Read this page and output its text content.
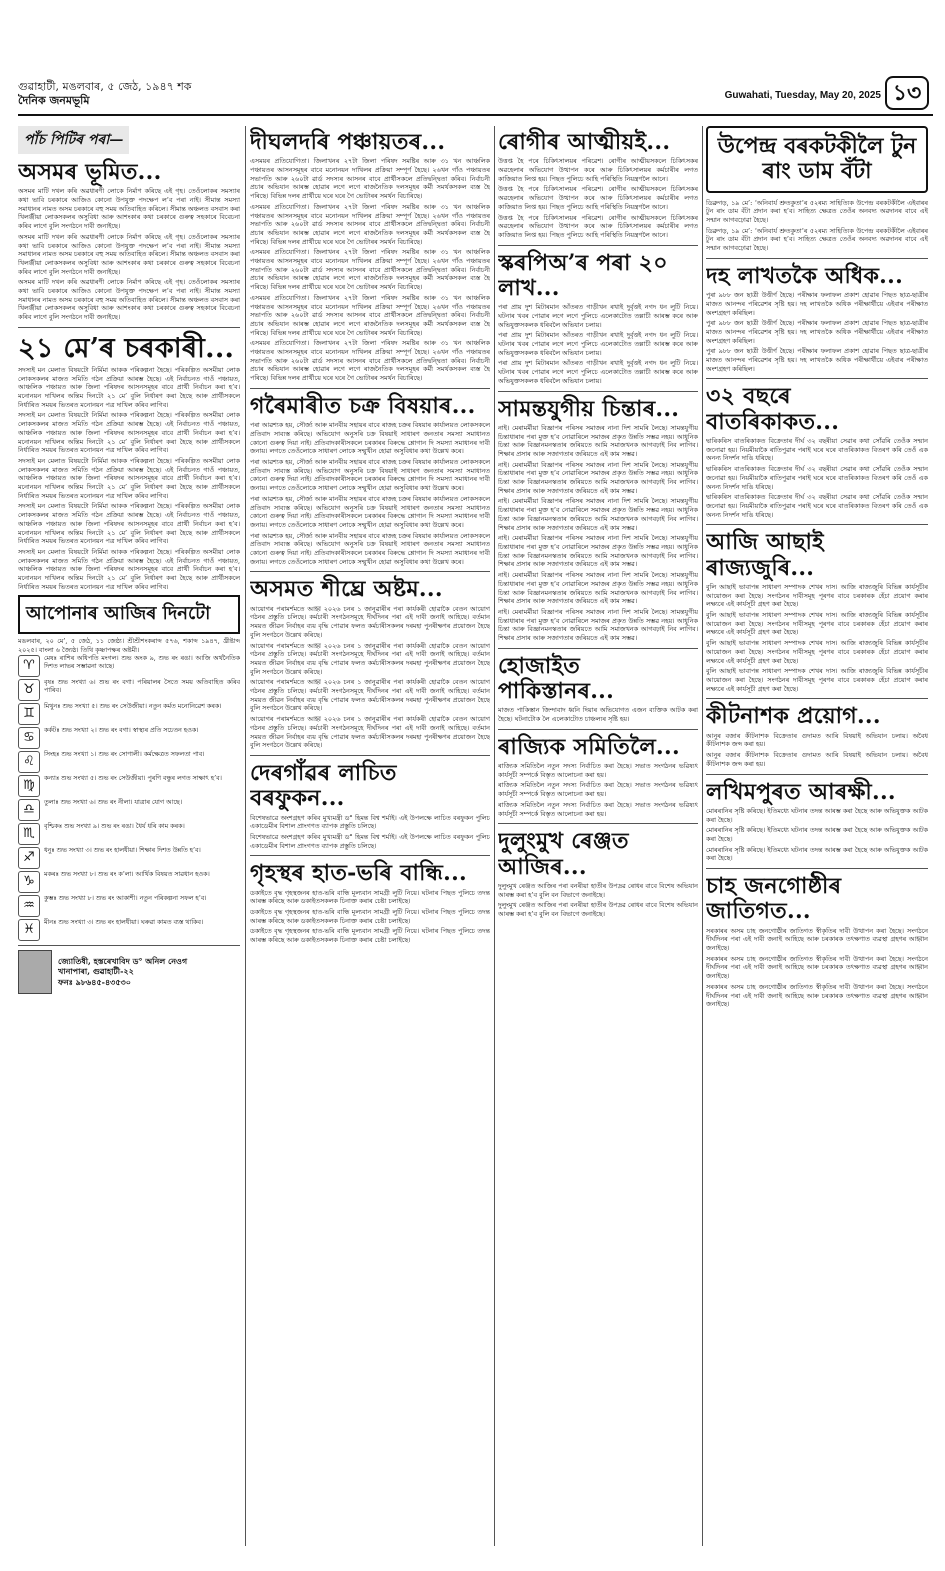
গুৱাহাটী, মঙলবাৰ, ৫ জেঠ, ১৯৪৭ শক
দৈনিক জনমভূমি	Guwahati, Tuesday, May 20, 2025 ১৩
পাঁচ পিটিৰ পৰা—
অসমৰ ভূমিত...

অসমৰ মাটি দখল কৰি অৱধাৰণী লোকে নিৰ্মাণ কৰিছে এই গৃহ। তেওঁলোকৰ সমস্যাৰ কথা ভাবি চৰকাৰে আজিও কোনো উপযুক্ত পদক্ষেপ ল’ব পৰা নাই। সীমান্ত সমস্যা সমাধানৰ নামত অসম চৰকাৰে বহু সময় অতিবাহিত কৰিলে। সীমান্ত অঞ্চলত বসবাস কৰা খিলঞ্জীয়া লোকসকলৰ অসুবিধা আৰু আশংকাৰ কথা চৰকাৰে গুৰুত্ব সহকাৰে বিবেচনা কৰিব লাগে বুলি সংগঠনে দাবী জনাইছে।

অসমৰ মাটি দখল কৰি অৱধাৰণী লোকে নিৰ্মাণ কৰিছে এই গৃহ। তেওঁলোকৰ সমস্যাৰ কথা ভাবি চৰকাৰে আজিও কোনো উপযুক্ত পদক্ষেপ ল’ব পৰা নাই। সীমান্ত সমস্যা সমাধানৰ নামত অসম চৰকাৰে বহু সময় অতিবাহিত কৰিলে। সীমান্ত অঞ্চলত বসবাস কৰা খিলঞ্জীয়া লোকসকলৰ অসুবিধা আৰু আশংকাৰ কথা চৰকাৰে গুৰুত্ব সহকাৰে বিবেচনা কৰিব লাগে বুলি সংগঠনে দাবী জনাইছে।

অসমৰ মাটি দখল কৰি অৱধাৰণী লোকে নিৰ্মাণ কৰিছে এই গৃহ। তেওঁলোকৰ সমস্যাৰ কথা ভাবি চৰকাৰে আজিও কোনো উপযুক্ত পদক্ষেপ ল’ব পৰা নাই। সীমান্ত সমস্যা সমাধানৰ নামত অসম চৰকাৰে বহু সময় অতিবাহিত কৰিলে। সীমান্ত অঞ্চলত বসবাস কৰা খিলঞ্জীয়া লোকসকলৰ অসুবিধা আৰু আশংকাৰ কথা চৰকাৰে গুৰুত্ব সহকাৰে বিবেচনা কৰিব লাগে বুলি সংগঠনে দাবী জনাইছে।

২১ মে’ৰ চৰকাৰী...

সদস্যই মন মেলাত বিষয়টো নিৰ্মিমা আকক পৰিকল্পনা হৈছে। পৰিকল্পিত অসমীয়া লোক লোকসকলৰ মাজত সমিতি গঠন প্ৰক্ৰিয়া আৰম্ভ হৈছে। এই নিৰ্বাচনত গাওঁ পঞ্চায়ত, আঞ্চলিক পঞ্চায়ত আৰু জিলা পৰিষদৰ আসনসমূহৰ বাবে প্ৰাৰ্থী নিৰ্বাচন কৰা হ’ব। মনোনয়ন দাখিলৰ অন্তিম দিনটো ২১ মে’ বুলি নিৰ্ধাৰণ কৰা হৈছে আৰু প্ৰাৰ্থীসকলে নিৰ্ধাৰিত সময়ৰ ভিতৰত মনোনয়ন পত্ৰ দাখিল কৰিব লাগিব।

সদস্যই মন মেলাত বিষয়টো নিৰ্মিমা আকক পৰিকল্পনা হৈছে। পৰিকল্পিত অসমীয়া লোক লোকসকলৰ মাজত সমিতি গঠন প্ৰক্ৰিয়া আৰম্ভ হৈছে। এই নিৰ্বাচনত গাওঁ পঞ্চায়ত, আঞ্চলিক পঞ্চায়ত আৰু জিলা পৰিষদৰ আসনসমূহৰ বাবে প্ৰাৰ্থী নিৰ্বাচন কৰা হ’ব। মনোনয়ন দাখিলৰ অন্তিম দিনটো ২১ মে’ বুলি নিৰ্ধাৰণ কৰা হৈছে আৰু প্ৰাৰ্থীসকলে নিৰ্ধাৰিত সময়ৰ ভিতৰত মনোনয়ন পত্ৰ দাখিল কৰিব লাগিব।

সদস্যই মন মেলাত বিষয়টো নিৰ্মিমা আকক পৰিকল্পনা হৈছে। পৰিকল্পিত অসমীয়া লোক লোকসকলৰ মাজত সমিতি গঠন প্ৰক্ৰিয়া আৰম্ভ হৈছে। এই নিৰ্বাচনত গাওঁ পঞ্চায়ত, আঞ্চলিক পঞ্চায়ত আৰু জিলা পৰিষদৰ আসনসমূহৰ বাবে প্ৰাৰ্থী নিৰ্বাচন কৰা হ’ব। মনোনয়ন দাখিলৰ অন্তিম দিনটো ২১ মে’ বুলি নিৰ্ধাৰণ কৰা হৈছে আৰু প্ৰাৰ্থীসকলে নিৰ্ধাৰিত সময়ৰ ভিতৰত মনোনয়ন পত্ৰ দাখিল কৰিব লাগিব।

সদস্যই মন মেলাত বিষয়টো নিৰ্মিমা আকক পৰিকল্পনা হৈছে। পৰিকল্পিত অসমীয়া লোক লোকসকলৰ মাজত সমিতি গঠন প্ৰক্ৰিয়া আৰম্ভ হৈছে। এই নিৰ্বাচনত গাওঁ পঞ্চায়ত, আঞ্চলিক পঞ্চায়ত আৰু জিলা পৰিষদৰ আসনসমূহৰ বাবে প্ৰাৰ্থী নিৰ্বাচন কৰা হ’ব। মনোনয়ন দাখিলৰ অন্তিম দিনটো ২১ মে’ বুলি নিৰ্ধাৰণ কৰা হৈছে আৰু প্ৰাৰ্থীসকলে নিৰ্ধাৰিত সময়ৰ ভিতৰত মনোনয়ন পত্ৰ দাখিল কৰিব লাগিব।

সদস্যই মন মেলাত বিষয়টো নিৰ্মিমা আকক পৰিকল্পনা হৈছে। পৰিকল্পিত অসমীয়া লোক লোকসকলৰ মাজত সমিতি গঠন প্ৰক্ৰিয়া আৰম্ভ হৈছে। এই নিৰ্বাচনত গাওঁ পঞ্চায়ত, আঞ্চলিক পঞ্চায়ত আৰু জিলা পৰিষদৰ আসনসমূহৰ বাবে প্ৰাৰ্থী নিৰ্বাচন কৰা হ’ব। মনোনয়ন দাখিলৰ অন্তিম দিনটো ২১ মে’ বুলি নিৰ্ধাৰণ কৰা হৈছে আৰু প্ৰাৰ্থীসকলে নিৰ্ধাৰিত সময়ৰ ভিতৰত মনোনয়ন পত্ৰ দাখিল কৰিব লাগিব।

আপোনাৰ আজিৰ দিনটো
মঙলবাৰ, ২০ মে’, ৫ জেঠ, ১১ জেষ্ঠ্য। শ্ৰীশ্ৰীশংকৰাব্দ ৫৭৬, শকাব্দ ১৯৪৭, খ্ৰীষ্টাব্দ ২০২৫। বাংলা ৬ জ্যৈষ্ঠ। তিথি কৃষ্ণাপক্ষৰ অষ্টমী।
♈	মেষঃ ৰাশিৰ অধিপতি মংগল। শুভ অংক ৯, শুভ ৰং ৰঙা। আজি অৰ্থনৈতিক দিশত লাভৰ সম্ভাৱনা আছে।
♉	বৃষঃ শুভ সংখ্যা ৬। শুভ ৰং বগা। পৰিয়ালৰ সৈতে সময় অতিবাহিত কৰিব পাৰিব।
♊	মিথুনঃ শুভ সংখ্যা ৫। শুভ ৰং সেউজীয়া। নতুন কৰ্মত মনোনিৱেশ কৰক।
♋	কৰ্কটঃ শুভ সংখ্যা ২। শুভ ৰং বগা। স্বাস্থ্যৰ প্ৰতি সচেতন হওক।
♌	সিংহঃ শুভ সংখ্যা ১। শুভ ৰং সোণালী। কৰ্মক্ষেত্ৰত সফলতা পাব।
♍	কন্যাঃ শুভ সংখ্যা ৫। শুভ ৰং সেউজীয়া। পুৰণি বন্ধুৰ লগত সাক্ষাৎ হ’ব।
♎	তুলাঃ শুভ সংখ্যা ৬। শুভ ৰং নীলা। যাত্ৰাৰ যোগ আছে।
♏	বৃশ্চিকঃ শুভ সংখ্যা ৯। শুভ ৰং ৰঙা। ধৈৰ্য ধৰি কাম কৰক।
♐	ধনুঃ শুভ সংখ্যা ৩। শুভ ৰং হালধীয়া। শিক্ষাৰ দিশত উন্নতি হ’ব।
♑	মকৰঃ শুভ সংখ্যা ৮। শুভ ৰং ক’লা। আৰ্থিক বিষয়ত সাৱধান হওক।
♒	কুম্ভঃ শুভ সংখ্যা ৮। শুভ ৰং আকাশী। নতুন পৰিকল্পনা সফল হ’ব।
♓	মীনঃ শুভ সংখ্যা ৩। শুভ ৰং হালধীয়া। ঘৰুৱা কামত ব্যস্ত থাকিব।
জ্যোতিষী, হস্তৰেখাবিদ ড° অনিল নেওগ
খানাপাৰা, গুৱাহাটী-২২
ফনঃ ৯৮৬৪৫-৪৩৫৩০
দীঘলদৰি পঞ্চায়তৰ...

এসময়ৰ প্ৰতিযোগিতা। জিলাখনৰ ২৭টা জিলা পৰিষদ সমষ্টিৰ আৰু ৩১ খন আঞ্চলিক পঞ্চায়তৰ আসনসমূহৰ বাবে মনোনয়ন দাখিলৰ প্ৰক্ৰিয়া সম্পূৰ্ণ হৈছে। ২৬খন গাঁও পঞ্চায়তৰ সভাপতি আৰু ২৬০টা ৱাৰ্ড সদস্যৰ আসনৰ বাবে প্ৰাৰ্থীসকলে প্ৰতিদ্বন্দ্বিতা কৰিব। নিৰ্বাচনী প্ৰচাৰ অভিযান আৰম্ভ হোৱাৰ লগে লগে ৰাজনৈতিক দলসমূহৰ কৰ্মী সমৰ্থকসকল ব্যস্ত হৈ পৰিছে। বিভিন্ন দলৰ প্ৰাৰ্থীয়ে ঘৰে ঘৰে গৈ ভোটাৰৰ সমৰ্থন বিচাৰিছে।

এসময়ৰ প্ৰতিযোগিতা। জিলাখনৰ ২৭টা জিলা পৰিষদ সমষ্টিৰ আৰু ৩১ খন আঞ্চলিক পঞ্চায়তৰ আসনসমূহৰ বাবে মনোনয়ন দাখিলৰ প্ৰক্ৰিয়া সম্পূৰ্ণ হৈছে। ২৬খন গাঁও পঞ্চায়তৰ সভাপতি আৰু ২৬০টা ৱাৰ্ড সদস্যৰ আসনৰ বাবে প্ৰাৰ্থীসকলে প্ৰতিদ্বন্দ্বিতা কৰিব। নিৰ্বাচনী প্ৰচাৰ অভিযান আৰম্ভ হোৱাৰ লগে লগে ৰাজনৈতিক দলসমূহৰ কৰ্মী সমৰ্থকসকল ব্যস্ত হৈ পৰিছে। বিভিন্ন দলৰ প্ৰাৰ্থীয়ে ঘৰে ঘৰে গৈ ভোটাৰৰ সমৰ্থন বিচাৰিছে।

এসময়ৰ প্ৰতিযোগিতা। জিলাখনৰ ২৭টা জিলা পৰিষদ সমষ্টিৰ আৰু ৩১ খন আঞ্চলিক পঞ্চায়তৰ আসনসমূহৰ বাবে মনোনয়ন দাখিলৰ প্ৰক্ৰিয়া সম্পূৰ্ণ হৈছে। ২৬খন গাঁও পঞ্চায়তৰ সভাপতি আৰু ২৬০টা ৱাৰ্ড সদস্যৰ আসনৰ বাবে প্ৰাৰ্থীসকলে প্ৰতিদ্বন্দ্বিতা কৰিব। নিৰ্বাচনী প্ৰচাৰ অভিযান আৰম্ভ হোৱাৰ লগে লগে ৰাজনৈতিক দলসমূহৰ কৰ্মী সমৰ্থকসকল ব্যস্ত হৈ পৰিছে। বিভিন্ন দলৰ প্ৰাৰ্থীয়ে ঘৰে ঘৰে গৈ ভোটাৰৰ সমৰ্থন বিচাৰিছে।

এসময়ৰ প্ৰতিযোগিতা। জিলাখনৰ ২৭টা জিলা পৰিষদ সমষ্টিৰ আৰু ৩১ খন আঞ্চলিক পঞ্চায়তৰ আসনসমূহৰ বাবে মনোনয়ন দাখিলৰ প্ৰক্ৰিয়া সম্পূৰ্ণ হৈছে। ২৬খন গাঁও পঞ্চায়তৰ সভাপতি আৰু ২৬০টা ৱাৰ্ড সদস্যৰ আসনৰ বাবে প্ৰাৰ্থীসকলে প্ৰতিদ্বন্দ্বিতা কৰিব। নিৰ্বাচনী প্ৰচাৰ অভিযান আৰম্ভ হোৱাৰ লগে লগে ৰাজনৈতিক দলসমূহৰ কৰ্মী সমৰ্থকসকল ব্যস্ত হৈ পৰিছে। বিভিন্ন দলৰ প্ৰাৰ্থীয়ে ঘৰে ঘৰে গৈ ভোটাৰৰ সমৰ্থন বিচাৰিছে।

এসময়ৰ প্ৰতিযোগিতা। জিলাখনৰ ২৭টা জিলা পৰিষদ সমষ্টিৰ আৰু ৩১ খন আঞ্চলিক পঞ্চায়তৰ আসনসমূহৰ বাবে মনোনয়ন দাখিলৰ প্ৰক্ৰিয়া সম্পূৰ্ণ হৈছে। ২৬খন গাঁও পঞ্চায়তৰ সভাপতি আৰু ২৬০টা ৱাৰ্ড সদস্যৰ আসনৰ বাবে প্ৰাৰ্থীসকলে প্ৰতিদ্বন্দ্বিতা কৰিব। নিৰ্বাচনী প্ৰচাৰ অভিযান আৰম্ভ হোৱাৰ লগে লগে ৰাজনৈতিক দলসমূহৰ কৰ্মী সমৰ্থকসকল ব্যস্ত হৈ পৰিছে। বিভিন্ন দলৰ প্ৰাৰ্থীয়ে ঘৰে ঘৰে গৈ ভোটাৰৰ সমৰ্থন বিচাৰিছে।

গৰৈমাৰীত চক্ৰ বিষয়াৰ...

পৰা আৱশ্যক হয়, সৌৰ্জ্য আৰু মানবীয় সহায়ৰ বাবে ৰাজহ চক্ৰৰ বিষয়াৰ কাৰ্যালয়ত লোকসকলে প্ৰতিবাদ সাব্যস্ত কৰিছে। অভিযোগ অনুসৰি চক্ৰ বিষয়াই সাধাৰণ জনতাৰ সমস্যা সমাধানত কোনো গুৰুত্ব দিয়া নাই। প্ৰতিবাদকাৰীসকলে চৰকাৰৰ বিৰুদ্ধে শ্লোগান দি সমস্যা সমাধানৰ দাবী জনায়। লগতে তেওঁলোকে সাধাৰণ লোকে সন্মুখীন হোৱা অসুবিধাৰ কথা উল্লেখ কৰে।

পৰা আৱশ্যক হয়, সৌৰ্জ্য আৰু মানবীয় সহায়ৰ বাবে ৰাজহ চক্ৰৰ বিষয়াৰ কাৰ্যালয়ত লোকসকলে প্ৰতিবাদ সাব্যস্ত কৰিছে। অভিযোগ অনুসৰি চক্ৰ বিষয়াই সাধাৰণ জনতাৰ সমস্যা সমাধানত কোনো গুৰুত্ব দিয়া নাই। প্ৰতিবাদকাৰীসকলে চৰকাৰৰ বিৰুদ্ধে শ্লোগান দি সমস্যা সমাধানৰ দাবী জনায়। লগতে তেওঁলোকে সাধাৰণ লোকে সন্মুখীন হোৱা অসুবিধাৰ কথা উল্লেখ কৰে।

পৰা আৱশ্যক হয়, সৌৰ্জ্য আৰু মানবীয় সহায়ৰ বাবে ৰাজহ চক্ৰৰ বিষয়াৰ কাৰ্যালয়ত লোকসকলে প্ৰতিবাদ সাব্যস্ত কৰিছে। অভিযোগ অনুসৰি চক্ৰ বিষয়াই সাধাৰণ জনতাৰ সমস্যা সমাধানত কোনো গুৰুত্ব দিয়া নাই। প্ৰতিবাদকাৰীসকলে চৰকাৰৰ বিৰুদ্ধে শ্লোগান দি সমস্যা সমাধানৰ দাবী জনায়। লগতে তেওঁলোকে সাধাৰণ লোকে সন্মুখীন হোৱা অসুবিধাৰ কথা উল্লেখ কৰে।

পৰা আৱশ্যক হয়, সৌৰ্জ্য আৰু মানবীয় সহায়ৰ বাবে ৰাজহ চক্ৰৰ বিষয়াৰ কাৰ্যালয়ত লোকসকলে প্ৰতিবাদ সাব্যস্ত কৰিছে। অভিযোগ অনুসৰি চক্ৰ বিষয়াই সাধাৰণ জনতাৰ সমস্যা সমাধানত কোনো গুৰুত্ব দিয়া নাই। প্ৰতিবাদকাৰীসকলে চৰকাৰৰ বিৰুদ্ধে শ্লোগান দি সমস্যা সমাধানৰ দাবী জনায়। লগতে তেওঁলোকে সাধাৰণ লোকে সন্মুখীন হোৱা অসুবিধাৰ কথা উল্লেখ কৰে।

অসমত শীঘ্ৰে অষ্টম...

আয়োগৰ পৰামৰ্শমতে আহ্ব ২০২৬ চনৰ ১ জানুৱাৰীৰ পৰা কাৰ্যকৰী হোৱাকৈ বেতন আয়োগ গঠনৰ প্ৰস্তুতি চলিছে। কৰ্মচাৰী সংগঠনসমূহে দীৰ্ঘদিনৰ পৰা এই দাবী জনাই আহিছে। বৰ্তমান সময়ত জীৱন নিৰ্বাহৰ ব্যয় বৃদ্ধি পোৱাৰ ফলত কৰ্মচাৰীসকলৰ দৰমহা পুনৰীক্ষণৰ প্ৰয়োজন হৈছে বুলি সংগঠনে উল্লেখ কৰিছে।

আয়োগৰ পৰামৰ্শমতে আহ্ব ২০২৬ চনৰ ১ জানুৱাৰীৰ পৰা কাৰ্যকৰী হোৱাকৈ বেতন আয়োগ গঠনৰ প্ৰস্তুতি চলিছে। কৰ্মচাৰী সংগঠনসমূহে দীৰ্ঘদিনৰ পৰা এই দাবী জনাই আহিছে। বৰ্তমান সময়ত জীৱন নিৰ্বাহৰ ব্যয় বৃদ্ধি পোৱাৰ ফলত কৰ্মচাৰীসকলৰ দৰমহা পুনৰীক্ষণৰ প্ৰয়োজন হৈছে বুলি সংগঠনে উল্লেখ কৰিছে।

আয়োগৰ পৰামৰ্শমতে আহ্ব ২০২৬ চনৰ ১ জানুৱাৰীৰ পৰা কাৰ্যকৰী হোৱাকৈ বেতন আয়োগ গঠনৰ প্ৰস্তুতি চলিছে। কৰ্মচাৰী সংগঠনসমূহে দীৰ্ঘদিনৰ পৰা এই দাবী জনাই আহিছে। বৰ্তমান সময়ত জীৱন নিৰ্বাহৰ ব্যয় বৃদ্ধি পোৱাৰ ফলত কৰ্মচাৰীসকলৰ দৰমহা পুনৰীক্ষণৰ প্ৰয়োজন হৈছে বুলি সংগঠনে উল্লেখ কৰিছে।

আয়োগৰ পৰামৰ্শমতে আহ্ব ২০২৬ চনৰ ১ জানুৱাৰীৰ পৰা কাৰ্যকৰী হোৱাকৈ বেতন আয়োগ গঠনৰ প্ৰস্তুতি চলিছে। কৰ্মচাৰী সংগঠনসমূহে দীৰ্ঘদিনৰ পৰা এই দাবী জনাই আহিছে। বৰ্তমান সময়ত জীৱন নিৰ্বাহৰ ব্যয় বৃদ্ধি পোৱাৰ ফলত কৰ্মচাৰীসকলৰ দৰমহা পুনৰীক্ষণৰ প্ৰয়োজন হৈছে বুলি সংগঠনে উল্লেখ কৰিছে।

দেৰগাঁৱৰ লাচিত বৰফুকন...

বিশেষভাৱে অংশগ্ৰহণ কৰিব মুখ্যমন্ত্ৰী ড° হিমন্ত বিশ্ব শৰ্মাই। এই উপলক্ষে লাচিত বৰফুকন পুলিচ একাডেমীৰ বিশাল প্ৰাংগণত ব্যাপক প্ৰস্তুতি চলিছে।

বিশেষভাৱে অংশগ্ৰহণ কৰিব মুখ্যমন্ত্ৰী ড° হিমন্ত বিশ্ব শৰ্মাই। এই উপলক্ষে লাচিত বৰফুকন পুলিচ একাডেমীৰ বিশাল প্ৰাংগণত ব্যাপক প্ৰস্তুতি চলিছে।

গৃহস্থৰ হাত-ভৰি বান্ধি...

ডকাইতে বৃদ্ধ গৃহস্থজনৰ হাত-ভৰি বান্ধি মূল্যবান সামগ্ৰী লুটি নিয়ে। ঘটনাৰ পিছত পুলিচে তদন্ত আৰম্ভ কৰিছে আৰু ডকাইতসকলক চিনাক্ত কৰাৰ চেষ্টা চলাইছে।

ডকাইতে বৃদ্ধ গৃহস্থজনৰ হাত-ভৰি বান্ধি মূল্যবান সামগ্ৰী লুটি নিয়ে। ঘটনাৰ পিছত পুলিচে তদন্ত আৰম্ভ কৰিছে আৰু ডকাইতসকলক চিনাক্ত কৰাৰ চেষ্টা চলাইছে।

ডকাইতে বৃদ্ধ গৃহস্থজনৰ হাত-ভৰি বান্ধি মূল্যবান সামগ্ৰী লুটি নিয়ে। ঘটনাৰ পিছত পুলিচে তদন্ত আৰম্ভ কৰিছে আৰু ডকাইতসকলক চিনাক্ত কৰাৰ চেষ্টা চলাইছে।

ৰোগীৰ আত্মীয়ই...

উত্তপ্ত হৈ পৰে চিকিৎসালয়ৰ পৰিৱেশ। ৰোগীৰ আত্মীয়সকলে চিকিৎসকৰ অৱহেলাৰ অভিযোগ উত্থাপন কৰে আৰু চিকিৎসালয়ৰ কৰ্মচাৰীৰ লগত কাজিয়াত লিপ্ত হয়। পিছত পুলিচে আহি পৰিস্থিতি নিয়ন্ত্ৰণলৈ আনে।

উত্তপ্ত হৈ পৰে চিকিৎসালয়ৰ পৰিৱেশ। ৰোগীৰ আত্মীয়সকলে চিকিৎসকৰ অৱহেলাৰ অভিযোগ উত্থাপন কৰে আৰু চিকিৎসালয়ৰ কৰ্মচাৰীৰ লগত কাজিয়াত লিপ্ত হয়। পিছত পুলিচে আহি পৰিস্থিতি নিয়ন্ত্ৰণলৈ আনে।

উত্তপ্ত হৈ পৰে চিকিৎসালয়ৰ পৰিৱেশ। ৰোগীৰ আত্মীয়সকলে চিকিৎসকৰ অৱহেলাৰ অভিযোগ উত্থাপন কৰে আৰু চিকিৎসালয়ৰ কৰ্মচাৰীৰ লগত কাজিয়াত লিপ্ত হয়। পিছত পুলিচে আহি পৰিস্থিতি নিয়ন্ত্ৰণলৈ আনে।

স্কৰপিঅ’ৰ পৰা ২০ লাখ...

পৰা প্ৰায় দুশ মিটাৰমান আঁতৰত গাড়ীখন ৰখাই দুৰ্বৃত্তই নগদ ধন লুটি নিয়ে। ঘটনাৰ খবৰ পোৱাৰ লগে লগে পুলিচে এলেকাটোত তল্লাচী আৰম্ভ কৰে আৰু অভিযুক্তসকলক ধৰিবলৈ অভিযান চলায়।

পৰা প্ৰায় দুশ মিটাৰমান আঁতৰত গাড়ীখন ৰখাই দুৰ্বৃত্তই নগদ ধন লুটি নিয়ে। ঘটনাৰ খবৰ পোৱাৰ লগে লগে পুলিচে এলেকাটোত তল্লাচী আৰম্ভ কৰে আৰু অভিযুক্তসকলক ধৰিবলৈ অভিযান চলায়।

পৰা প্ৰায় দুশ মিটাৰমান আঁতৰত গাড়ীখন ৰখাই দুৰ্বৃত্তই নগদ ধন লুটি নিয়ে। ঘটনাৰ খবৰ পোৱাৰ লগে লগে পুলিচে এলেকাটোত তল্লাচী আৰম্ভ কৰে আৰু অভিযুক্তসকলক ধৰিবলৈ অভিযান চলায়।

সামন্তযুগীয় চিন্তাৰ...

নাই। মেৰামৰ্মীয়া বিজ্ঞাপৰ পৰিসৰ সমাজৰ নানা দিশ সামৰি লৈছে। সামন্তযুগীয় চিন্তাধাৰাৰ পৰা মুক্ত হ’ব নোৱাৰিলে সমাজৰ প্ৰকৃত উন্নতি সম্ভৱ নহয়। আধুনিক চিন্তা আৰু বিজ্ঞানমনস্কতাৰ জৰিয়তে আমি সমাজখনক আগবঢ়াই নিব লাগিব। শিক্ষাৰ প্ৰসাৰ আৰু সজাগতাৰ জৰিয়তে এই কাম সম্ভৱ।

নাই। মেৰামৰ্মীয়া বিজ্ঞাপৰ পৰিসৰ সমাজৰ নানা দিশ সামৰি লৈছে। সামন্তযুগীয় চিন্তাধাৰাৰ পৰা মুক্ত হ’ব নোৱাৰিলে সমাজৰ প্ৰকৃত উন্নতি সম্ভৱ নহয়। আধুনিক চিন্তা আৰু বিজ্ঞানমনস্কতাৰ জৰিয়তে আমি সমাজখনক আগবঢ়াই নিব লাগিব। শিক্ষাৰ প্ৰসাৰ আৰু সজাগতাৰ জৰিয়তে এই কাম সম্ভৱ।

নাই। মেৰামৰ্মীয়া বিজ্ঞাপৰ পৰিসৰ সমাজৰ নানা দিশ সামৰি লৈছে। সামন্তযুগীয় চিন্তাধাৰাৰ পৰা মুক্ত হ’ব নোৱাৰিলে সমাজৰ প্ৰকৃত উন্নতি সম্ভৱ নহয়। আধুনিক চিন্তা আৰু বিজ্ঞানমনস্কতাৰ জৰিয়তে আমি সমাজখনক আগবঢ়াই নিব লাগিব। শিক্ষাৰ প্ৰসাৰ আৰু সজাগতাৰ জৰিয়তে এই কাম সম্ভৱ।

নাই। মেৰামৰ্মীয়া বিজ্ঞাপৰ পৰিসৰ সমাজৰ নানা দিশ সামৰি লৈছে। সামন্তযুগীয় চিন্তাধাৰাৰ পৰা মুক্ত হ’ব নোৱাৰিলে সমাজৰ প্ৰকৃত উন্নতি সম্ভৱ নহয়। আধুনিক চিন্তা আৰু বিজ্ঞানমনস্কতাৰ জৰিয়তে আমি সমাজখনক আগবঢ়াই নিব লাগিব। শিক্ষাৰ প্ৰসাৰ আৰু সজাগতাৰ জৰিয়তে এই কাম সম্ভৱ।

নাই। মেৰামৰ্মীয়া বিজ্ঞাপৰ পৰিসৰ সমাজৰ নানা দিশ সামৰি লৈছে। সামন্তযুগীয় চিন্তাধাৰাৰ পৰা মুক্ত হ’ব নোৱাৰিলে সমাজৰ প্ৰকৃত উন্নতি সম্ভৱ নহয়। আধুনিক চিন্তা আৰু বিজ্ঞানমনস্কতাৰ জৰিয়তে আমি সমাজখনক আগবঢ়াই নিব লাগিব। শিক্ষাৰ প্ৰসাৰ আৰু সজাগতাৰ জৰিয়তে এই কাম সম্ভৱ।

নাই। মেৰামৰ্মীয়া বিজ্ঞাপৰ পৰিসৰ সমাজৰ নানা দিশ সামৰি লৈছে। সামন্তযুগীয় চিন্তাধাৰাৰ পৰা মুক্ত হ’ব নোৱাৰিলে সমাজৰ প্ৰকৃত উন্নতি সম্ভৱ নহয়। আধুনিক চিন্তা আৰু বিজ্ঞানমনস্কতাৰ জৰিয়তে আমি সমাজখনক আগবঢ়াই নিব লাগিব। শিক্ষাৰ প্ৰসাৰ আৰু সজাগতাৰ জৰিয়তে এই কাম সম্ভৱ।

হোজাইত পাকিস্তানৰ...

মাজত পাকিস্তান জিন্দাবাদ ধ্বনি দিয়াৰ অভিযোগত এজন ব্যক্তিক আটক কৰা হৈছে। ঘটনাটোক লৈ এলেকাটোত চাঞ্চল্যৰ সৃষ্টি হয়।

ৰাজ্যিক সমিতিলৈ...

ৰাজ্যিক সমিতিলৈ নতুন সদস্য নিৰ্বাচিত কৰা হৈছে। সভাত সংগঠনৰ ভৱিষ্যৎ কাৰ্যসূচী সম্পৰ্কে বিস্তৃত আলোচনা কৰা হয়।

ৰাজ্যিক সমিতিলৈ নতুন সদস্য নিৰ্বাচিত কৰা হৈছে। সভাত সংগঠনৰ ভৱিষ্যৎ কাৰ্যসূচী সম্পৰ্কে বিস্তৃত আলোচনা কৰা হয়।

ৰাজ্যিক সমিতিলৈ নতুন সদস্য নিৰ্বাচিত কৰা হৈছে। সভাত সংগঠনৰ ভৱিষ্যৎ কাৰ্যসূচী সম্পৰ্কে বিস্তৃত আলোচনা কৰা হয়।

দুলুংমুখ ৰেঞ্জত আজিৰ...

দুলুংমুখ ৰেঞ্জত আজিৰ পৰা বনৰীয়া হাতীৰ উপদ্ৰৱ ৰোধৰ বাবে বিশেষ অভিযান আৰম্ভ কৰা হ’ব বুলি বন বিভাগে জনাইছে।

দুলুংমুখ ৰেঞ্জত আজিৰ পৰা বনৰীয়া হাতীৰ উপদ্ৰৱ ৰোধৰ বাবে বিশেষ অভিযান আৰম্ভ কৰা হ’ব বুলি বন বিভাগে জনাইছে।

উপেন্দ্ৰ বৰকটকীলৈ টুন ৰাং ডাম বঁটা

ডিব্ৰুগড়, ১৯ মে’: ‘অনিবাৰ্য শ্ৰুতকুতা’ৰ ৫২ৰম্য সাহিত্যিক উপেন্দ্ৰ বৰকটকীলৈ এইবাৰৰ টুন ৰাং ডাম বঁটা প্ৰদান কৰা হ’ব। সাহিত্য ক্ষেত্ৰত তেওঁৰ অনবদ্য অৱদানৰ বাবে এই সন্মান আগবঢ়োৱা হৈছে।

ডিব্ৰুগড়, ১৯ মে’: ‘অনিবাৰ্য শ্ৰুতকুতা’ৰ ৫২ৰম্য সাহিত্যিক উপেন্দ্ৰ বৰকটকীলৈ এইবাৰৰ টুন ৰাং ডাম বঁটা প্ৰদান কৰা হ’ব। সাহিত্য ক্ষেত্ৰত তেওঁৰ অনবদ্য অৱদানৰ বাবে এই সন্মান আগবঢ়োৱা হৈছে।

দহ লাখতকৈ অধিক...

পুৰা ৯৮৮ জন ছাত্ৰী উত্তীৰ্ণ হৈছে। পৰীক্ষাৰ ফলাফল প্ৰকাশ হোৱাৰ পিছত ছাত্ৰ-ছাত্ৰীৰ মাজত আনন্দৰ পৰিৱেশৰ সৃষ্টি হয়। দহ লাখতকৈ অধিক পৰীক্ষাৰ্থীয়ে এইবাৰ পৰীক্ষাত অংশগ্ৰহণ কৰিছিল।

পুৰা ৯৮৮ জন ছাত্ৰী উত্তীৰ্ণ হৈছে। পৰীক্ষাৰ ফলাফল প্ৰকাশ হোৱাৰ পিছত ছাত্ৰ-ছাত্ৰীৰ মাজত আনন্দৰ পৰিৱেশৰ সৃষ্টি হয়। দহ লাখতকৈ অধিক পৰীক্ষাৰ্থীয়ে এইবাৰ পৰীক্ষাত অংশগ্ৰহণ কৰিছিল।

পুৰা ৯৮৮ জন ছাত্ৰী উত্তীৰ্ণ হৈছে। পৰীক্ষাৰ ফলাফল প্ৰকাশ হোৱাৰ পিছত ছাত্ৰ-ছাত্ৰীৰ মাজত আনন্দৰ পৰিৱেশৰ সৃষ্টি হয়। দহ লাখতকৈ অধিক পৰীক্ষাৰ্থীয়ে এইবাৰ পৰীক্ষাত অংশগ্ৰহণ কৰিছিল।

৩২ বছৰে বাতৰিকাকত...

দ্বাৰিকৰিস বাতৰিকাকত বিক্ৰেতাৰ দীৰ্ঘ ৩২ বছৰীয়া সেৱাৰ কথা সোঁৱৰি তেওঁক সন্মান জনোৱা হয়। নিয়মীয়াকৈ ৰাতিপুৱাৰ পৰাই ঘৰে ঘৰে বাতৰিকাকত বিতৰণ কৰি তেওঁ এক অনন্য নিদৰ্শন দাঙি ধৰিছে।

দ্বাৰিকৰিস বাতৰিকাকত বিক্ৰেতাৰ দীৰ্ঘ ৩২ বছৰীয়া সেৱাৰ কথা সোঁৱৰি তেওঁক সন্মান জনোৱা হয়। নিয়মীয়াকৈ ৰাতিপুৱাৰ পৰাই ঘৰে ঘৰে বাতৰিকাকত বিতৰণ কৰি তেওঁ এক অনন্য নিদৰ্শন দাঙি ধৰিছে।

দ্বাৰিকৰিস বাতৰিকাকত বিক্ৰেতাৰ দীৰ্ঘ ৩২ বছৰীয়া সেৱাৰ কথা সোঁৱৰি তেওঁক সন্মান জনোৱা হয়। নিয়মীয়াকৈ ৰাতিপুৱাৰ পৰাই ঘৰে ঘৰে বাতৰিকাকত বিতৰণ কৰি তেওঁ এক অনন্য নিদৰ্শন দাঙি ধৰিছে।

আজি আছাই ৰাজ্যজুৰি...

বুলি আছাই ভাবাপন্ন সাধাৰণ সম্পাদক শেখৰ দাস। আজি ৰাজ্যজুৰি বিভিন্ন কাৰ্যসূচীৰ আয়োজন কৰা হৈছে। সংগঠনৰ দাবীসমূহ পূৰণৰ বাবে চৰকাৰক হেঁচা প্ৰয়োগ কৰাৰ লক্ষ্যৰে এই কাৰ্যসূচী গ্ৰহণ কৰা হৈছে।

বুলি আছাই ভাবাপন্ন সাধাৰণ সম্পাদক শেখৰ দাস। আজি ৰাজ্যজুৰি বিভিন্ন কাৰ্যসূচীৰ আয়োজন কৰা হৈছে। সংগঠনৰ দাবীসমূহ পূৰণৰ বাবে চৰকাৰক হেঁচা প্ৰয়োগ কৰাৰ লক্ষ্যৰে এই কাৰ্যসূচী গ্ৰহণ কৰা হৈছে।

বুলি আছাই ভাবাপন্ন সাধাৰণ সম্পাদক শেখৰ দাস। আজি ৰাজ্যজুৰি বিভিন্ন কাৰ্যসূচীৰ আয়োজন কৰা হৈছে। সংগঠনৰ দাবীসমূহ পূৰণৰ বাবে চৰকাৰক হেঁচা প্ৰয়োগ কৰাৰ লক্ষ্যৰে এই কাৰ্যসূচী গ্ৰহণ কৰা হৈছে।

বুলি আছাই ভাবাপন্ন সাধাৰণ সম্পাদক শেখৰ দাস। আজি ৰাজ্যজুৰি বিভিন্ন কাৰ্যসূচীৰ আয়োজন কৰা হৈছে। সংগঠনৰ দাবীসমূহ পূৰণৰ বাবে চৰকাৰক হেঁচা প্ৰয়োগ কৰাৰ লক্ষ্যৰে এই কাৰ্যসূচী গ্ৰহণ কৰা হৈছে।

কীটনাশক প্ৰয়োগ...

আনুৰ বজাৰ কীটনাশক বিক্ৰেতাৰ গুদামত আৰি বিষয়াই অভিযান চলায়। অবৈধ কীটনাশক জব্দ কৰা হয়।

আনুৰ বজাৰ কীটনাশক বিক্ৰেতাৰ গুদামত আৰি বিষয়াই অভিযান চলায়। অবৈধ কীটনাশক জব্দ কৰা হয়।

লখিমপুৰত আৰক্ষী...

মোৰৰানিৰ সৃষ্টি কৰিছে। ইতিমধ্যে ঘটনাৰ তদন্ত আৰম্ভ কৰা হৈছে আৰু অভিযুক্তক আটক কৰা হৈছে।

মোৰৰানিৰ সৃষ্টি কৰিছে। ইতিমধ্যে ঘটনাৰ তদন্ত আৰম্ভ কৰা হৈছে আৰু অভিযুক্তক আটক কৰা হৈছে।

মোৰৰানিৰ সৃষ্টি কৰিছে। ইতিমধ্যে ঘটনাৰ তদন্ত আৰম্ভ কৰা হৈছে আৰু অভিযুক্তক আটক কৰা হৈছে।

চাহ জনগোষ্ঠীৰ জাতিগত...

সৰকাৰৰ অসম চাহ জনগোষ্ঠীৰ জাতিগত স্বীকৃতিৰ দাবী উত্থাপন কৰা হৈছে। সংগঠনে দীৰ্ঘদিনৰ পৰা এই দাবী জনাই আহিছে আৰু চৰকাৰক তৎক্ষণাত ব্যৱস্থা গ্ৰহণৰ আহ্বান জনাইছে।

সৰকাৰৰ অসম চাহ জনগোষ্ঠীৰ জাতিগত স্বীকৃতিৰ দাবী উত্থাপন কৰা হৈছে। সংগঠনে দীৰ্ঘদিনৰ পৰা এই দাবী জনাই আহিছে আৰু চৰকাৰক তৎক্ষণাত ব্যৱস্থা গ্ৰহণৰ আহ্বান জনাইছে।

সৰকাৰৰ অসম চাহ জনগোষ্ঠীৰ জাতিগত স্বীকৃতিৰ দাবী উত্থাপন কৰা হৈছে। সংগঠনে দীৰ্ঘদিনৰ পৰা এই দাবী জনাই আহিছে আৰু চৰকাৰক তৎক্ষণাত ব্যৱস্থা গ্ৰহণৰ আহ্বান জনাইছে।
